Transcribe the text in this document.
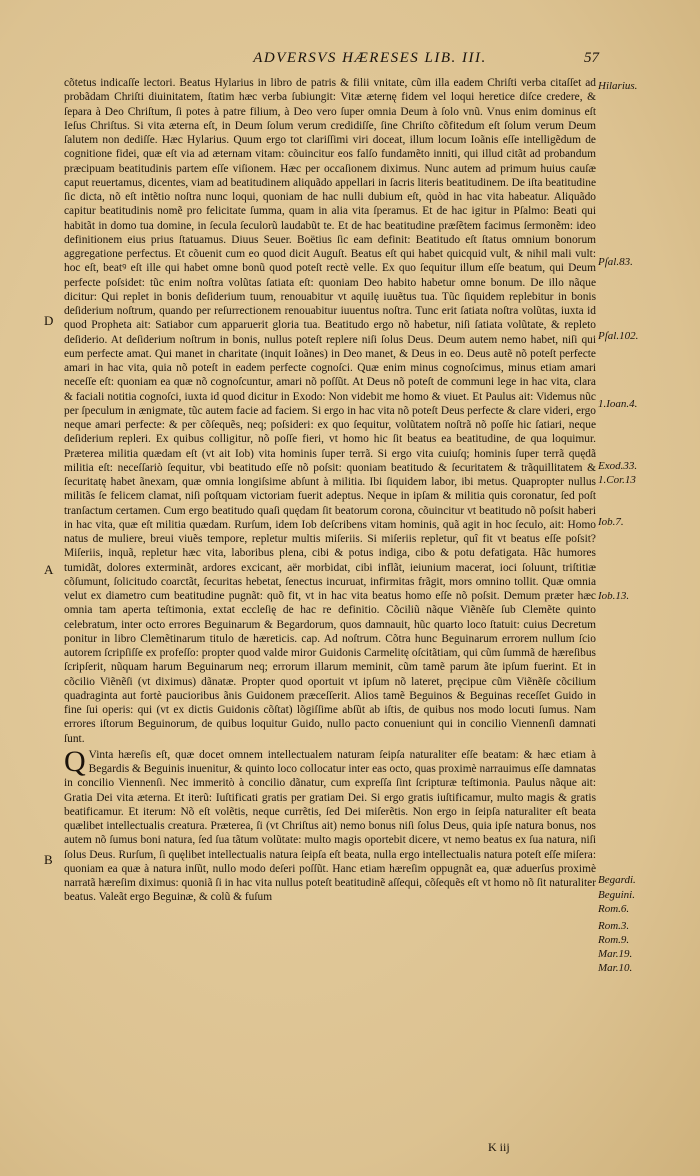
ADVERSVS HÆRESES LIB. III.	57
D
A
B

cõtetus indicaſſe lectori. Beatus Hylarius in libro de patris & filii vnitate, cũm illa eadem Chriſti verba citaſſet ad probãdam Chriſti diuinitatem, ſtatim hæc verba ſubiungit: Vitæ æternę fidem vel loqui heretice diſce credere, & ſepara à Deo Chriſtum, ſi potes à patre filium, à Deo vero ſuper omnia Deum à ſolo vnũ. Vnus enim dominus eſt Ieſus Chriſtus. Si vita æterna eſt, in Deum ſolum verum credidiſſe, ſine Chriſto cõfitedum eſt ſolum verum Deum ſalutem non dediſſe. Hæc Hylarius. Quum ergo tot clariſſimi viri doceat, illum locum Ioãnis eſſe intelligẽdum de cognitione fidei, quæ eſt via ad æternam vitam: cõuincitur eos falſo fundamẽto inniti, qui illud citãt ad probandum præcipuam beatitudinis partem eſſe viſionem. Hæc per occaſionem diximus. Nunc autem ad primum huius cauſæ caput reuertamus, dicentes, viam ad beatitudinem aliquãdo appellari in ſacris literis beatitudinem. De iſta beatitudine ſic dicta, nõ eſt intẽtio noſtra nunc loqui, quoniam de hac nulli dubium eſt, quòd in hac vita habeatur. Aliquãdo capitur beatitudinis nomẽ pro felicitate ſumma, quam in alia vita ſperamus. Et de hac igitur in Pſalmo: Beati qui habitãt in domo tua domine, in ſecula ſeculorũ laudabũt te. Et de hac beatitudine præſẽtem facimus ſermonẽm: ideo definitionem eius prius ſtatuamus. Diuus Seuer. Boëtius ſic eam definit: Beatitudo eſt ſtatus omnium bonorum aggregatione perfectus. Et cõuenit cum eo quod dicit Auguſt. Beatus eſt qui habet quicquid vult, & nihil mali vult: hoc eſt, beatꝰ eſt ille qui habet omne bonũ quod poteſt rectè velle. Ex quo ſequitur illum eſſe beatum, qui Deum perfecte poſsidet: tũc enim noſtra volũtas ſatiata eſt: quoniam Deo habito habetur omne bonum. De illo nãque dicitur: Qui replet in bonis deſiderium tuum, renouabitur vt aquilę iuuẽtus tua. Tũc ſiquidem replebitur in bonis deſiderium noſtrum, quando per reſurrectionem renouabitur iuuentus noſtra. Tunc erit ſatiata noſtra volũtas, iuxta id quod Propheta ait: Satiabor cum apparuerit gloria tua. Beatitudo ergo nõ habetur, niſi ſatiata volũtate, & repleto deſiderio. At deſiderium noſtrum in bonis, nullus poteſt replere niſi ſolus Deus. Deum autem nemo habet, niſi qui eum perfecte amat. Qui manet in charitate (inquit Ioãnes) in Deo manet, & Deus in eo. Deus autẽ nõ poteſt perfecte amari in hac vita, quia nõ poteſt in eadem perfecte cognoſci. Quæ enim minus cognoſcimus, minus etiam amari neceſſe eſt: quoniam ea quæ nõ cognoſcuntur, amari nõ poſſũt. At Deus nõ poteſt de communi lege in hac vita, clara & faciali notitia cognoſci, iuxta id quod dicitur in Exodo: Non videbit me homo & viuet. Et Paulus ait: Videmus nũc per ſpeculum in ænigmate, tũc autem facie ad faciem. Si ergo in hac vita nõ poteſt Deus perfecte & clare videri, ergo neque amari perfecte: & per cõſequẽs, neq; poſsideri: ex quo ſequitur, volũtatem noſtrã nõ poſſe hic ſatiari, neque deſiderium repleri. Ex quibus colligitur, nõ poſſe fieri, vt homo hic ſit beatus ea beatitudine, de qua loquimur. Præterea militia quædam eſt (vt ait Iob) vita hominis ſuper terrã. Si ergo vita cuiuſq; hominis ſuper terrã quędã militia eſt: neceſſariò ſequitur, vbi beatitudo eſſe nõ poſsit: quoniam beatitudo & ſecuritatem & trãquillitatem & ſecuritatę habet ãnexam, quæ omnia longiſsime abſunt à militia. Ibi ſiquidem labor, ibi metus. Quapropter nullus militãs ſe felicem clamat, niſi poſtquam victoriam fuerit adeptus. Neque in ipſam & militia quis coronatur, ſed poſt tranſactum certamen. Cum ergo beatitudo quaſi quędam ſit beatorum corona, cõuincitur vt beatitudo nõ poſsit haberi in hac vita, quæ eſt militia quædam. Rurſum, idem Iob deſcribens vitam hominis, quã agit in hoc ſeculo, ait: Homo natus de muliere, breui viuẽs tempore, repletur multis miſeriis. Si miſeriis repletur, quî fit vt beatus eſſe poſsit? Miſeriis, inquã, repletur hæc vita, laboribus plena, cibi & potus indiga, cibo & potu defatigata. Hãc humores tumidãt, dolores exterminãt, ardores excicant, aër morbidat, cibi inflãt, ieiunium macerat, ioci ſoluunt, triſtitiæ cõſumunt, ſolicitudo coarctãt, ſecuritas hebetat, ſenectus incuruat, infirmitas frãgit, mors omnino tollit. Quæ omnia velut ex diametro cum beatitudine pugnãt: quõ fit, vt in hac vita beatus homo eſſe nõ poſsit. Demum præter hæc omnia tam aperta teſtimonia, extat eccleſię de hac re definitio. Cõciliũ nãque Viẽnẽſe ſub Clemẽte quinto celebratum, inter octo errores Beguinarum & Begardorum, quos damnauit, hũc quarto loco ſtatuit: cuius Decretum ponitur in libro Clemẽtinarum titulo de hæreticis. cap. Ad noſtrum. Cõtra hunc Beguinarum errorem nullum ſcio autorem ſcripſiſſe ex profeſſo: propter quod valde miror Guidonis Carmelitę oſcitãtiam, qui cũm ſummã de hæreſibus ſcripſerit, nũquam harum Beguinarum neq; errorum illarum meminit, cũm tamẽ parum ãte ipſum fuerint. Et in cõcilio Viẽnẽſi (vt diximus) dãnatæ. Propter quod oportuit vt ipſum nõ lateret, pręcipue cũm Viẽnẽſe cõcilium quadraginta aut fortè paucioribus ãnis Guidonem præceſſerit. Alios tamẽ Beguinos & Beguinas receſſet Guido in fine ſui operis: qui (vt ex dictis Guidonis cõſtat) lõgiſſime abſũt ab iſtis, de quibus nos modo locuti ſumus. Nam errores iſtorum Beguinorum, de quibus loquitur Guido, nullo pacto conueniunt qui in concilio Viennenſi damnati ſunt.

Q Vinta hæreſis eſt, quæ docet omnem intellectualem naturam ſeipſa naturaliter eſſe beatam: & hæc etiam à Begardis & Beguinis inuenitur, & quinto loco collocatur inter eas octo, quas proximè narrauimus eſſe damnatas in concilio Viennenſi. Nec immeritò à concilio dãnatur, cum expreſſa ſint ſcripturæ teſtimonia. Paulus nãque ait: Gratia Dei vita æterna. Et iterũ: Iuſtificati gratis per gratiam Dei. Si ergo gratis iuſtificamur, multo magis & gratis beatificamur. Et iterum: Nõ eſt volẽtis, neque currẽtis, ſed Dei miſerẽtis. Non ergo in ſeipſa naturaliter eſt beata quælibet intellectualis creatura. Præterea, ſi (vt Chriſtus ait) nemo bonus niſi ſolus Deus, quia ipſe natura bonus, nos autem nõ ſumus boni natura, ſed ſua tãtum volũtate: multo magis oportebit dicere, vt nemo beatus ex ſua natura, niſi ſolus Deus. Rurſum, ſi quęlibet intellectualis natura ſeipſa eſt beata, nulla ergo intellectualis natura poteſt eſſe miſera: quoniam ea quæ à natura inſũt, nullo modo deſeri poſſũt. Hanc etiam hæreſim oppugnãt ea, quæ aduerſus proximè narratã hæreſim diximus: quoniã ſi in hac vita nullus poteſt beatitudinẽ aſſequi, cõſequẽs eſt vt homo nõ ſit naturaliter beatus. Valeãt ergo Beguinæ, & colũ & fuſum

Hilarius.
Pſal.83.
Pſal.102.
1.Ioan.4.
Exod.33.
1.Cor.13
Iob.7.
Iob.13.
Begardi.
Beguini.
Rom.6.
Rom.3.
Rom.9.
Mar.19.
Mar.10.
K iij
